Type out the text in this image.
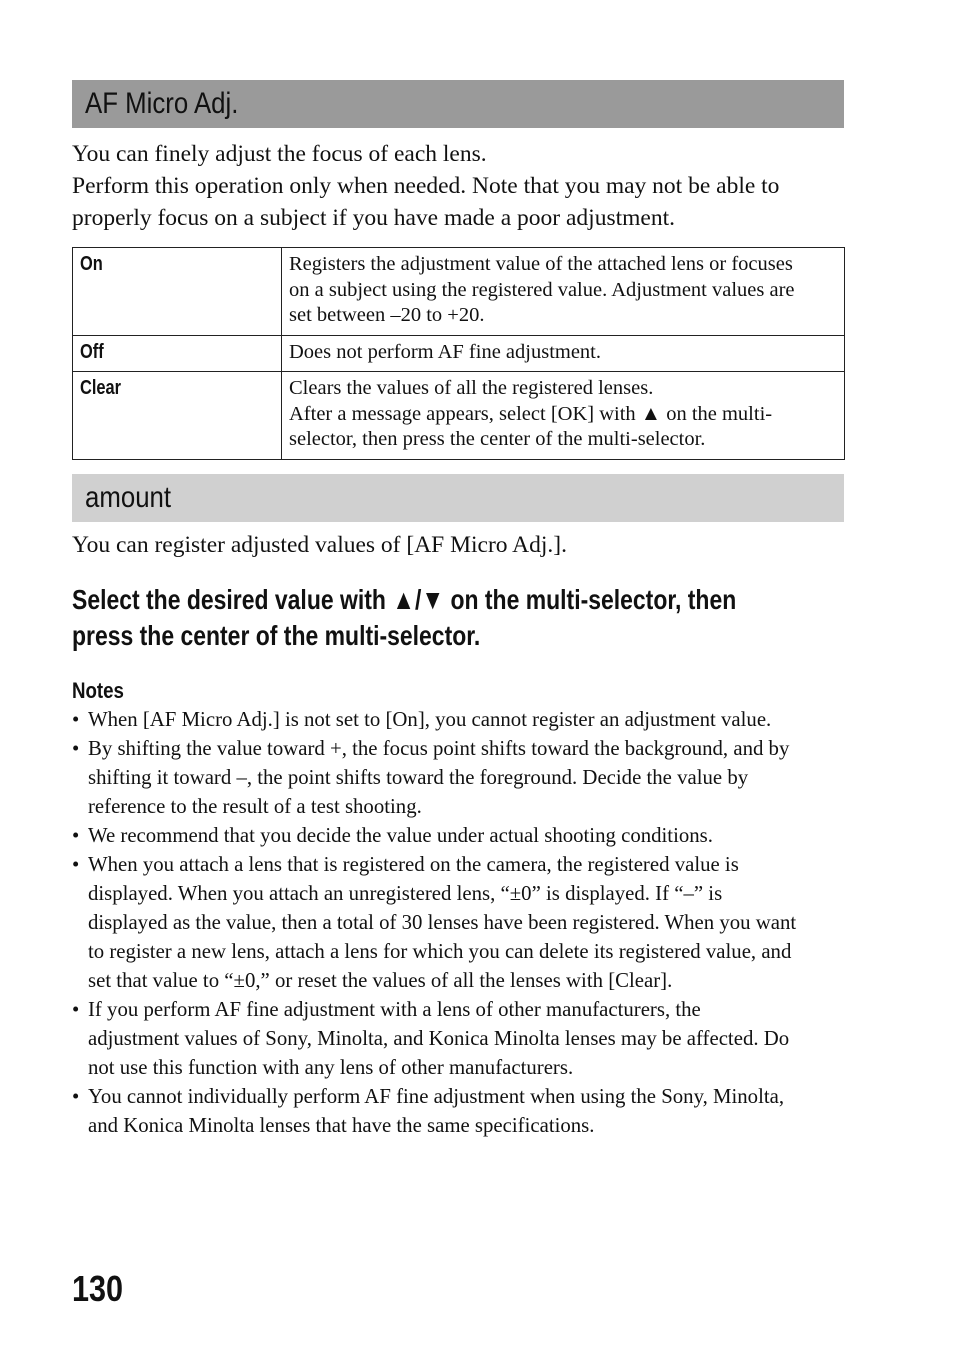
AF Micro Adj.

You can finely adjust the focus of each lens.

Perform this operation only when needed. Note that you may not be able to

properly focus on a subject if you have made a poor adjustment.

On	Registers the adjustment value of the attached lens or focuses
on a subject using the registered value. Adjustment values are
set between –20 to +20.

Off	Does not perform AF fine adjustment.

Clear	Clears the values of all the registered lenses.
After a message appears, select [OK] with ▲ on the multi-
selector, then press the center of the multi-selector.
amount

You can register adjusted values of [AF Micro Adj.].

Select the desired value with ▲/▼ on the multi-selector, then
press the center of the multi-selector.
Notes
• When [AF Micro Adj.] is not set to [On], you cannot register an adjustment value.
• By shifting the value toward +, the focus point shifts toward the background, and by
shifting it toward –, the point shifts toward the foreground. Decide the value by
reference to the result of a test shooting.
• We recommend that you decide the value under actual shooting conditions.
• When you attach a lens that is registered on the camera, the registered value is
displayed. When you attach an unregistered lens, “±0” is displayed. If “–” is
displayed as the value, then a total of 30 lenses have been registered. When you want
to register a new lens, attach a lens for which you can delete its registered value, and
set that value to “±0,” or reset the values of all the lenses with [Clear].
• If you perform AF fine adjustment with a lens of other manufacturers, the
adjustment values of Sony, Minolta, and Konica Minolta lenses may be affected. Do
not use this function with any lens of other manufacturers.
• You cannot individually perform AF fine adjustment when using the Sony, Minolta,
and Konica Minolta lenses that have the same specifications.
130
